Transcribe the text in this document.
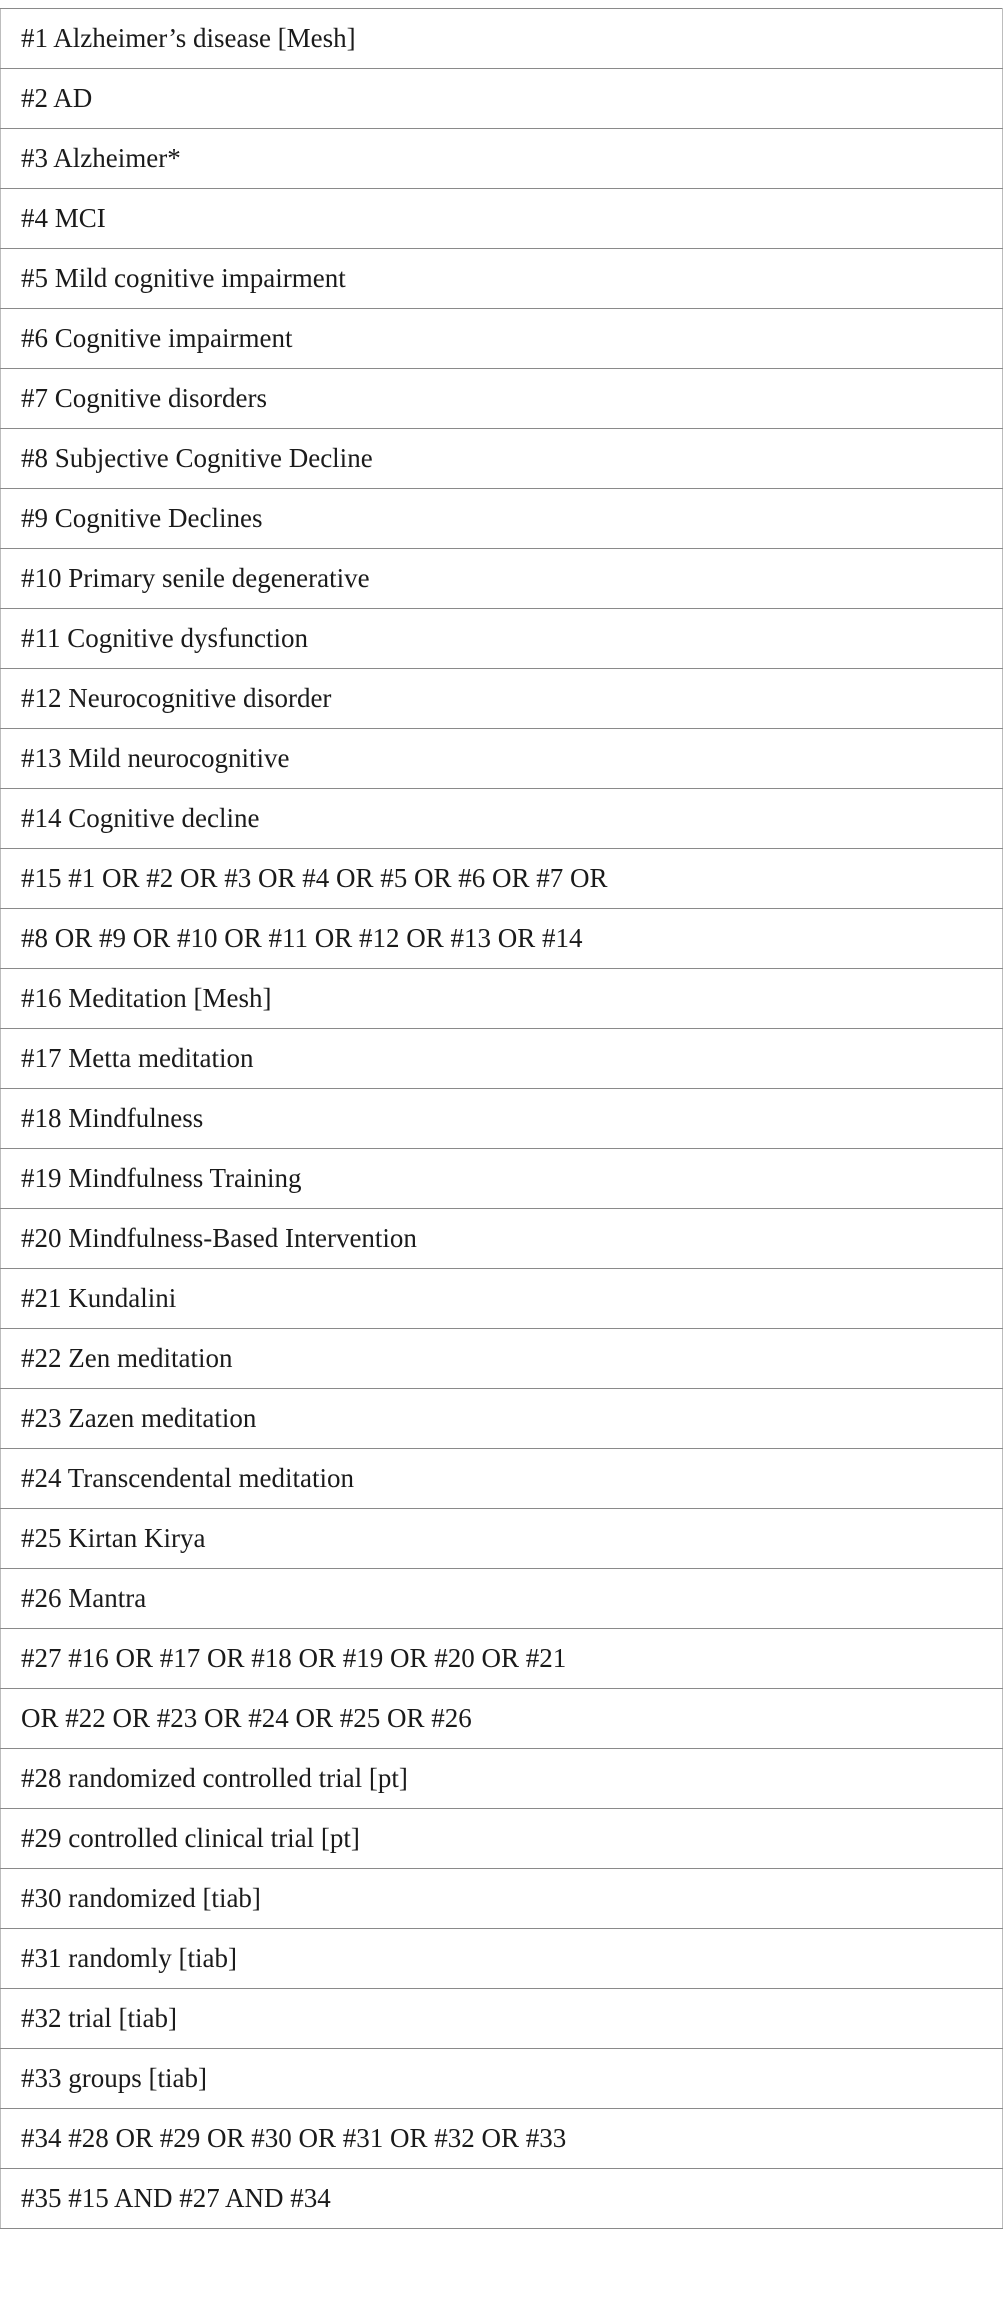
#1 Alzheimer’s disease [Mesh]
#2 AD
#3 Alzheimer*
#4 MCI
#5 Mild cognitive impairment
#6 Cognitive impairment
#7 Cognitive disorders
#8 Subjective Cognitive Decline
#9 Cognitive Declines
#10 Primary senile degenerative
#11 Cognitive dysfunction
#12 Neurocognitive disorder
#13 Mild neurocognitive
#14 Cognitive decline
#15 #1 OR #2 OR #3 OR #4 OR #5 OR #6 OR #7 OR
#8 OR #9 OR #10 OR #11 OR #12 OR #13 OR #14
#16 Meditation [Mesh]
#17 Metta meditation
#18 Mindfulness
#19 Mindfulness Training
#20 Mindfulness-Based Intervention
#21 Kundalini
#22 Zen meditation
#23 Zazen meditation
#24 Transcendental meditation
#25 Kirtan Kirya
#26 Mantra
#27 #16 OR #17 OR #18 OR #19 OR #20 OR #21
OR #22 OR #23 OR #24 OR #25 OR #26
#28 randomized controlled trial [pt]
#29 controlled clinical trial [pt]
#30 randomized [tiab]
#31 randomly [tiab]
#32 trial [tiab]
#33 groups [tiab]
#34 #28 OR #29 OR #30 OR #31 OR #32 OR #33
#35 #15 AND #27 AND #34
